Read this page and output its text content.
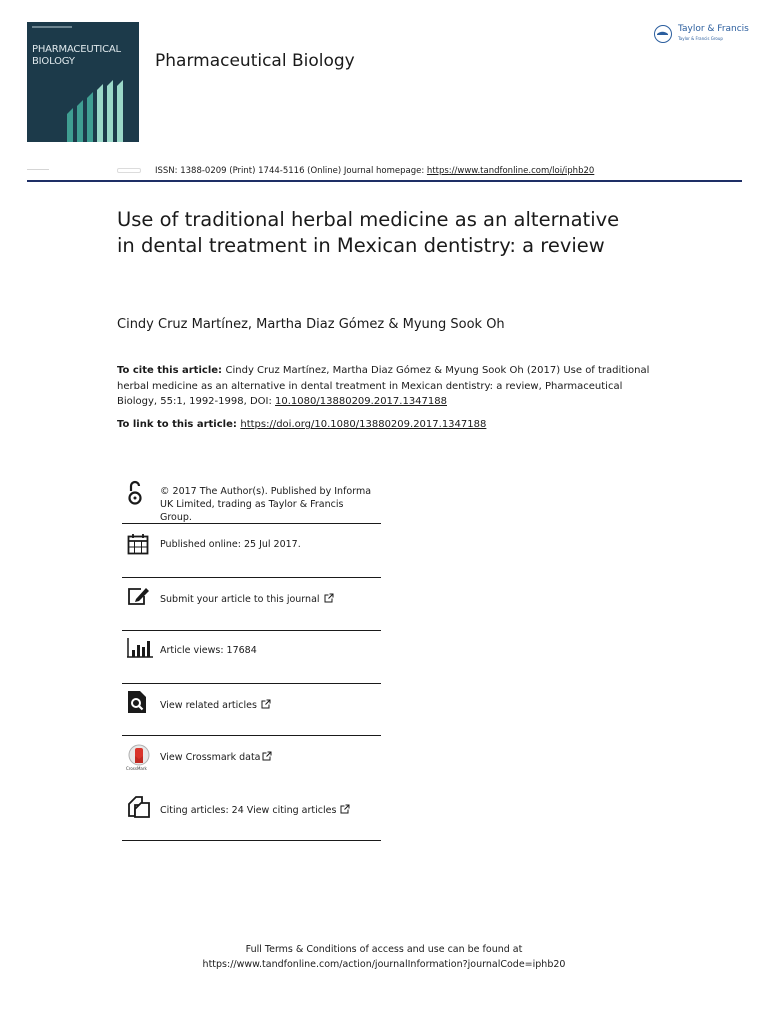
PHARMACEUTICAL
BIOLOGY	Pharmaceutical Biology
Taylor & Francis
Taylor & Francis Group
ISSN: 1388-0209 (Print) 1744-5116 (Online) Journal homepage: https://www.tandfonline.com/loi/iphb20
Use of traditional herbal medicine as an alternative in dental treatment in Mexican dentistry: a review
Cindy Cruz Martínez, Martha Diaz Gómez & Myung Sook Oh
To cite this article: Cindy Cruz Martínez, Martha Diaz Gómez & Myung Sook Oh (2017) Use of traditional herbal medicine as an alternative in dental treatment in Mexican dentistry: a review, Pharmaceutical Biology, 55:1, 1992-1998, DOI: 10.1080/13880209.2017.1347188
To link to this article: https://doi.org/10.1080/13880209.2017.1347188
© 2017 The Author(s). Published by Informa
UK Limited, trading as Taylor & Francis
Group.
Published online: 25 Jul 2017.
Submit your article to this journal
Article views: 17684
View related articles
CrossMark
View Crossmark data
Citing articles: 24 View citing articles
Full Terms & Conditions of access and use can be found at
https://www.tandfonline.com/action/journalInformation?journalCode=iphb20
